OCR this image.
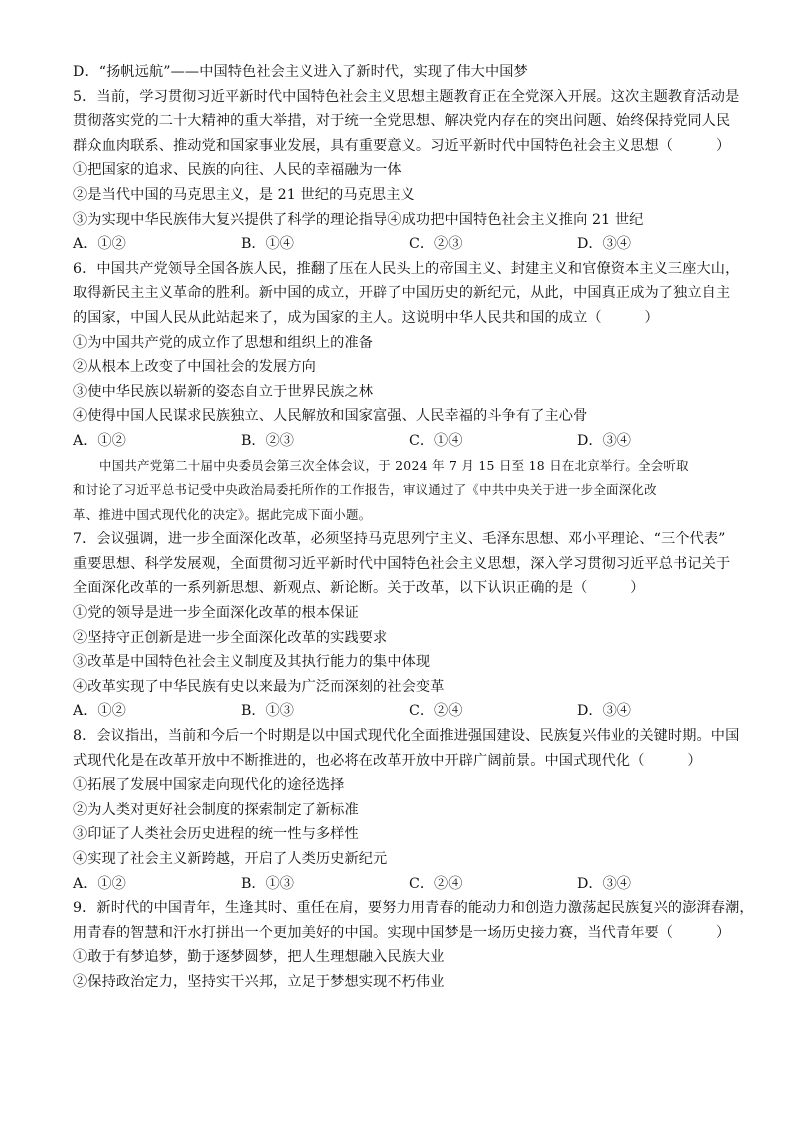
D．“扬帆远航”——中国特色社会主义进入了新时代，实现了伟大中国梦
5．当前，学习贯彻习近平新时代中国特色社会主义思想主题教育正在全党深入开展。这次主题教育活动是
贯彻落实党的二十大精神的重大举措，对于统一全党思想、解决党内存在的突出问题、始终保持党同人民
群众血肉联系、推动党和国家事业发展，具有重要意义。习近平新时代中国特色社会主义思想（　　　）
①把国家的追求、民族的向往、人民的幸福融为一体
②是当代中国的马克思主义，是 21 世纪的马克思主义
③为实现中华民族伟大复兴提供了科学的理论指导④成功把中国特色社会主义推向 21 世纪
A．①②	B．①④	C．②③	D．③④
6．中国共产党领导全国各族人民，推翻了压在人民头上的帝国主义、封建主义和官僚资本主义三座大山，
取得新民主主义革命的胜利。新中国的成立，开辟了中国历史的新纪元，从此，中国真正成为了独立自主
的国家，中国人民从此站起来了，成为国家的主人。这说明中华人民共和国的成立（　　　）
①为中国共产党的成立作了思想和组织上的准备
②从根本上改变了中国社会的发展方向
③使中华民族以崭新的姿态自立于世界民族之林
④使得中国人民谋求民族独立、人民解放和国家富强、人民幸福的斗争有了主心骨
A．①②	B．②③	C．①④	D．③④
中国共产党第二十届中央委员会第三次全体会议，于 2024 年 7 月 15 日至 18 日在北京举行。全会听取
和讨论了习近平总书记受中央政治局委托所作的工作报告，审议通过了《中共中央关于进一步全面深化改
革、推进中国式现代化的决定》。据此完成下面小题。
7．会议强调，进一步全面深化改革，必须坚持马克思列宁主义、毛泽东思想、邓小平理论、“三个代表”
重要思想、科学发展观，全面贯彻习近平新时代中国特色社会主义思想，深入学习贯彻习近平总书记关于
全面深化改革的一系列新思想、新观点、新论断。关于改革，以下认识正确的是（　　　）
①党的领导是进一步全面深化改革的根本保证
②坚持守正创新是进一步全面深化改革的实践要求
③改革是中国特色社会主义制度及其执行能力的集中体现
④改革实现了中华民族有史以来最为广泛而深刻的社会变革
A．①②	B．①③	C．②④	D．③④
8．会议指出，当前和今后一个时期是以中国式现代化全面推进强国建设、民族复兴伟业的关键时期。中国
式现代化是在改革开放中不断推进的，也必将在改革开放中开辟广阔前景。中国式现代化（　　　）
①拓展了发展中国家走向现代化的途径选择
②为人类对更好社会制度的探索制定了新标准
③印证了人类社会历史进程的统一性与多样性
④实现了社会主义新跨越，开启了人类历史新纪元
A．①②	B．①③	C．②④	D．③④
9．新时代的中国青年，生逢其时、重任在肩，要努力用青春的能动力和创造力激荡起民族复兴的澎湃春潮，
用青春的智慧和汗水打拼出一个更加美好的中国。实现中国梦是一场历史接力赛，当代青年要（　　　）
①敢于有梦追梦，勤于逐梦圆梦，把人生理想融入民族大业
②保持政治定力，坚持实干兴邦，立足于梦想实现不朽伟业
